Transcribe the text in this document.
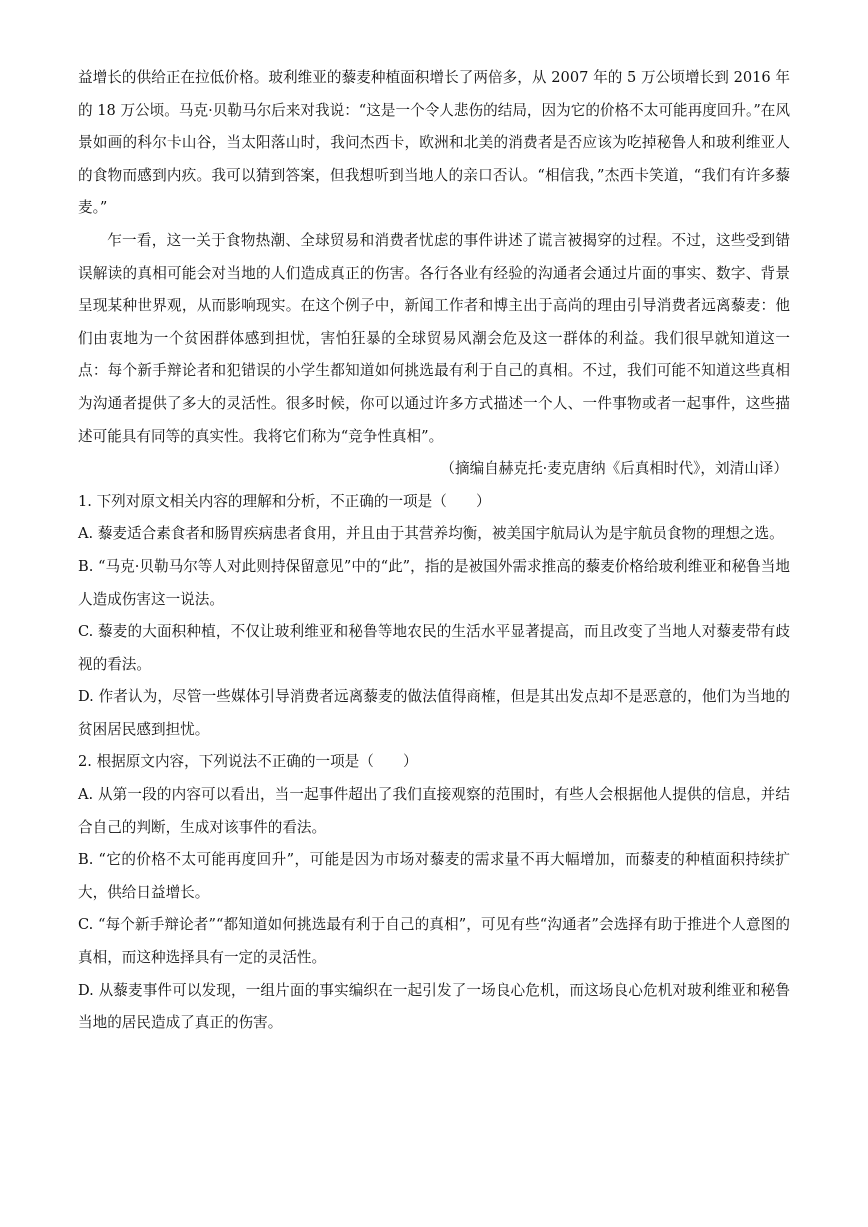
益增长的供给正在拉低价格。玻利维亚的藜麦种植面积增长了两倍多，从 2007 年的 5 万公顷增长到 2016 年的 18 万公顷。马克·贝勒马尔后来对我说：“这是一个令人悲伤的结局，因为它的价格不太可能再度回升。”在风景如画的科尔卡山谷，当太阳落山时，我问杰西卡，欧洲和北美的消费者是否应该为吃掉秘鲁人和玻利维亚人的食物而感到内疚。我可以猜到答案，但我想听到当地人的亲口否认。“相信我，”杰西卡笑道，“我们有许多藜麦。”

乍一看，这一关于食物热潮、全球贸易和消费者忧虑的事件讲述了谎言被揭穿的过程。不过，这些受到错误解读的真相可能会对当地的人们造成真正的伤害。各行各业有经验的沟通者会通过片面的事实、数字、背景呈现某种世界观，从而影响现实。在这个例子中，新闻工作者和博主出于高尚的理由引导消费者远离藜麦：他们由衷地为一个贫困群体感到担忧，害怕狂暴的全球贸易风潮会危及这一群体的利益。我们很早就知道这一点：每个新手辩论者和犯错误的小学生都知道如何挑选最有利于自己的真相。不过，我们可能不知道这些真相为沟通者提供了多大的灵活性。很多时候，你可以通过许多方式描述一个人、一件事物或者一起事件，这些描述可能具有同等的真实性。我将它们称为“竞争性真相”。

（摘编自赫克托·麦克唐纳《后真相时代》，刘清山译）

1. 下列对原文相关内容的理解和分析，不正确的一项是（　　）

A. 藜麦适合素食者和肠胃疾病患者食用，并且由于其营养均衡，被美国宇航局认为是宇航员食物的理想之选。

B. “马克·贝勒马尔等人对此则持保留意见”中的“此”，指的是被国外需求推高的藜麦价格给玻利维亚和秘鲁当地人造成伤害这一说法。

C. 藜麦的大面积种植，不仅让玻利维亚和秘鲁等地农民的生活水平显著提高，而且改变了当地人对藜麦带有歧视的看法。

D. 作者认为，尽管一些媒体引导消费者远离藜麦的做法值得商榷，但是其出发点却不是恶意的，他们为当地的贫困居民感到担忧。

2. 根据原文内容，下列说法不正确的一项是（　　）

A. 从第一段的内容可以看出，当一起事件超出了我们直接观察的范围时，有些人会根据他人提供的信息，并结合自己的判断，生成对该事件的看法。

B. “它的价格不太可能再度回升”，可能是因为市场对藜麦的需求量不再大幅增加，而藜麦的种植面积持续扩大，供给日益增长。

C. “每个新手辩论者”“都知道如何挑选最有利于自己的真相”，可见有些“沟通者”会选择有助于推进个人意图的真相，而这种选择具有一定的灵活性。

D. 从藜麦事件可以发现，一组片面的事实编织在一起引发了一场良心危机，而这场良心危机对玻利维亚和秘鲁当地的居民造成了真正的伤害。
